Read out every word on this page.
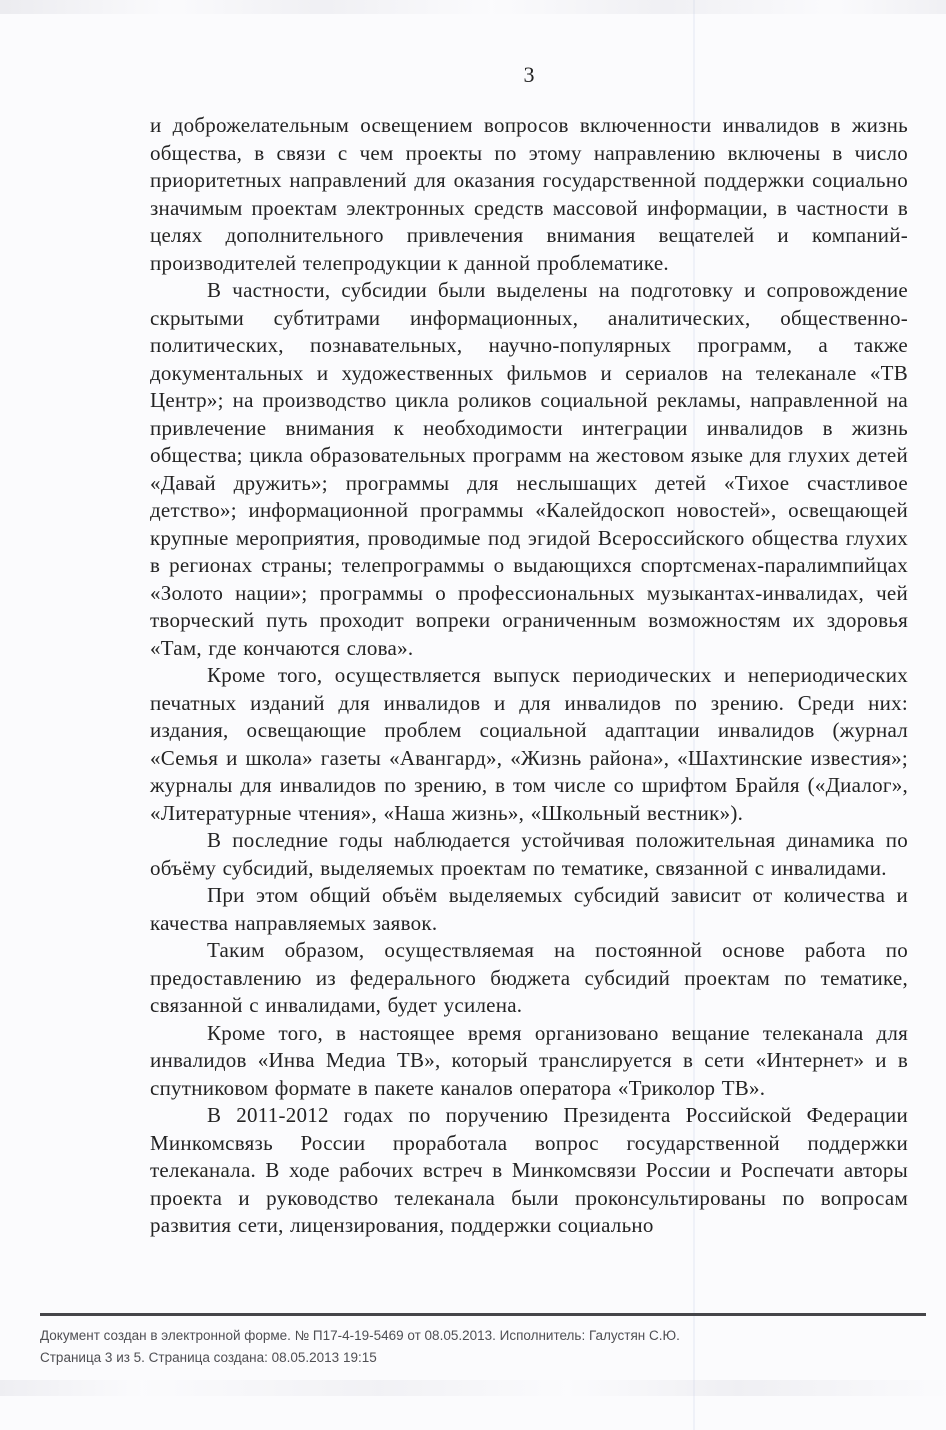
3

и доброжелательным освещением вопросов включенности инвалидов в жизнь общества, в связи с чем проекты по этому направлению включены в число приоритетных направлений для оказания государственной поддержки социально значимым проектам электронных средств массовой информации, в частности в целях дополнительного привлечения внимания вещателей и компаний-производителей телепродукции к данной проблематике.

В частности, субсидии были выделены на подготовку и сопровождение скрытыми субтитрами информационных, аналитических, общественно-политических, познавательных, научно-популярных программ, а также документальных и художественных фильмов и сериалов на телеканале «ТВ Центр»; на производство цикла роликов социальной рекламы, направленной на привлечение внимания к необходимости интеграции инвалидов в жизнь общества; цикла образовательных программ на жестовом языке для глухих детей «Давай дружить»; программы для неслышащих детей «Тихое счастливое детство»; информационной программы «Калейдоскоп новостей», освещающей крупные мероприятия, проводимые под эгидой Всероссийского общества глухих в регионах страны; телепрограммы о выдающихся спортсменах-паралимпийцах «Золото нации»; программы о профессиональных музыкантах-инвалидах, чей творческий путь проходит вопреки ограниченным возможностям их здоровья «Там, где кончаются слова».

Кроме того, осуществляется выпуск периодических и непериодических печатных изданий для инвалидов и для инвалидов по зрению. Среди них: издания, освещающие проблем социальной адаптации инвалидов (журнал «Семья и школа» газеты «Авангард», «Жизнь района», «Шахтинские известия»; журналы для инвалидов по зрению, в том числе со шрифтом Брайля («Диалог», «Литературные чтения», «Наша жизнь», «Школьный вестник»).

В последние годы наблюдается устойчивая положительная динамика по объёму субсидий, выделяемых проектам по тематике, связанной с инвалидами.

При этом общий объём выделяемых субсидий зависит от количества и качества направляемых заявок.

Таким образом, осуществляемая на постоянной основе работа по предоставлению из федерального бюджета субсидий проектам по тематике, связанной с инвалидами, будет усилена.

Кроме того, в настоящее время организовано вещание телеканала для инвалидов «Инва Медиа ТВ», который транслируется в сети «Интернет» и в спутниковом формате в пакете каналов оператора «Триколор ТВ».

В 2011-2012 годах по поручению Президента Российской Федерации Минкомсвязь России проработала вопрос государственной поддержки телеканала. В ходе рабочих встреч в Минкомсвязи России и Роспечати авторы проекта и руководство телеканала были проконсультированы по вопросам развития сети, лицензирования, поддержки социально

Документ создан в электронной форме. № П17-4-19-5469 от 08.05.2013. Исполнитель: Галустян С.Ю.
Страница 3 из 5. Страница создана: 08.05.2013 19:15
